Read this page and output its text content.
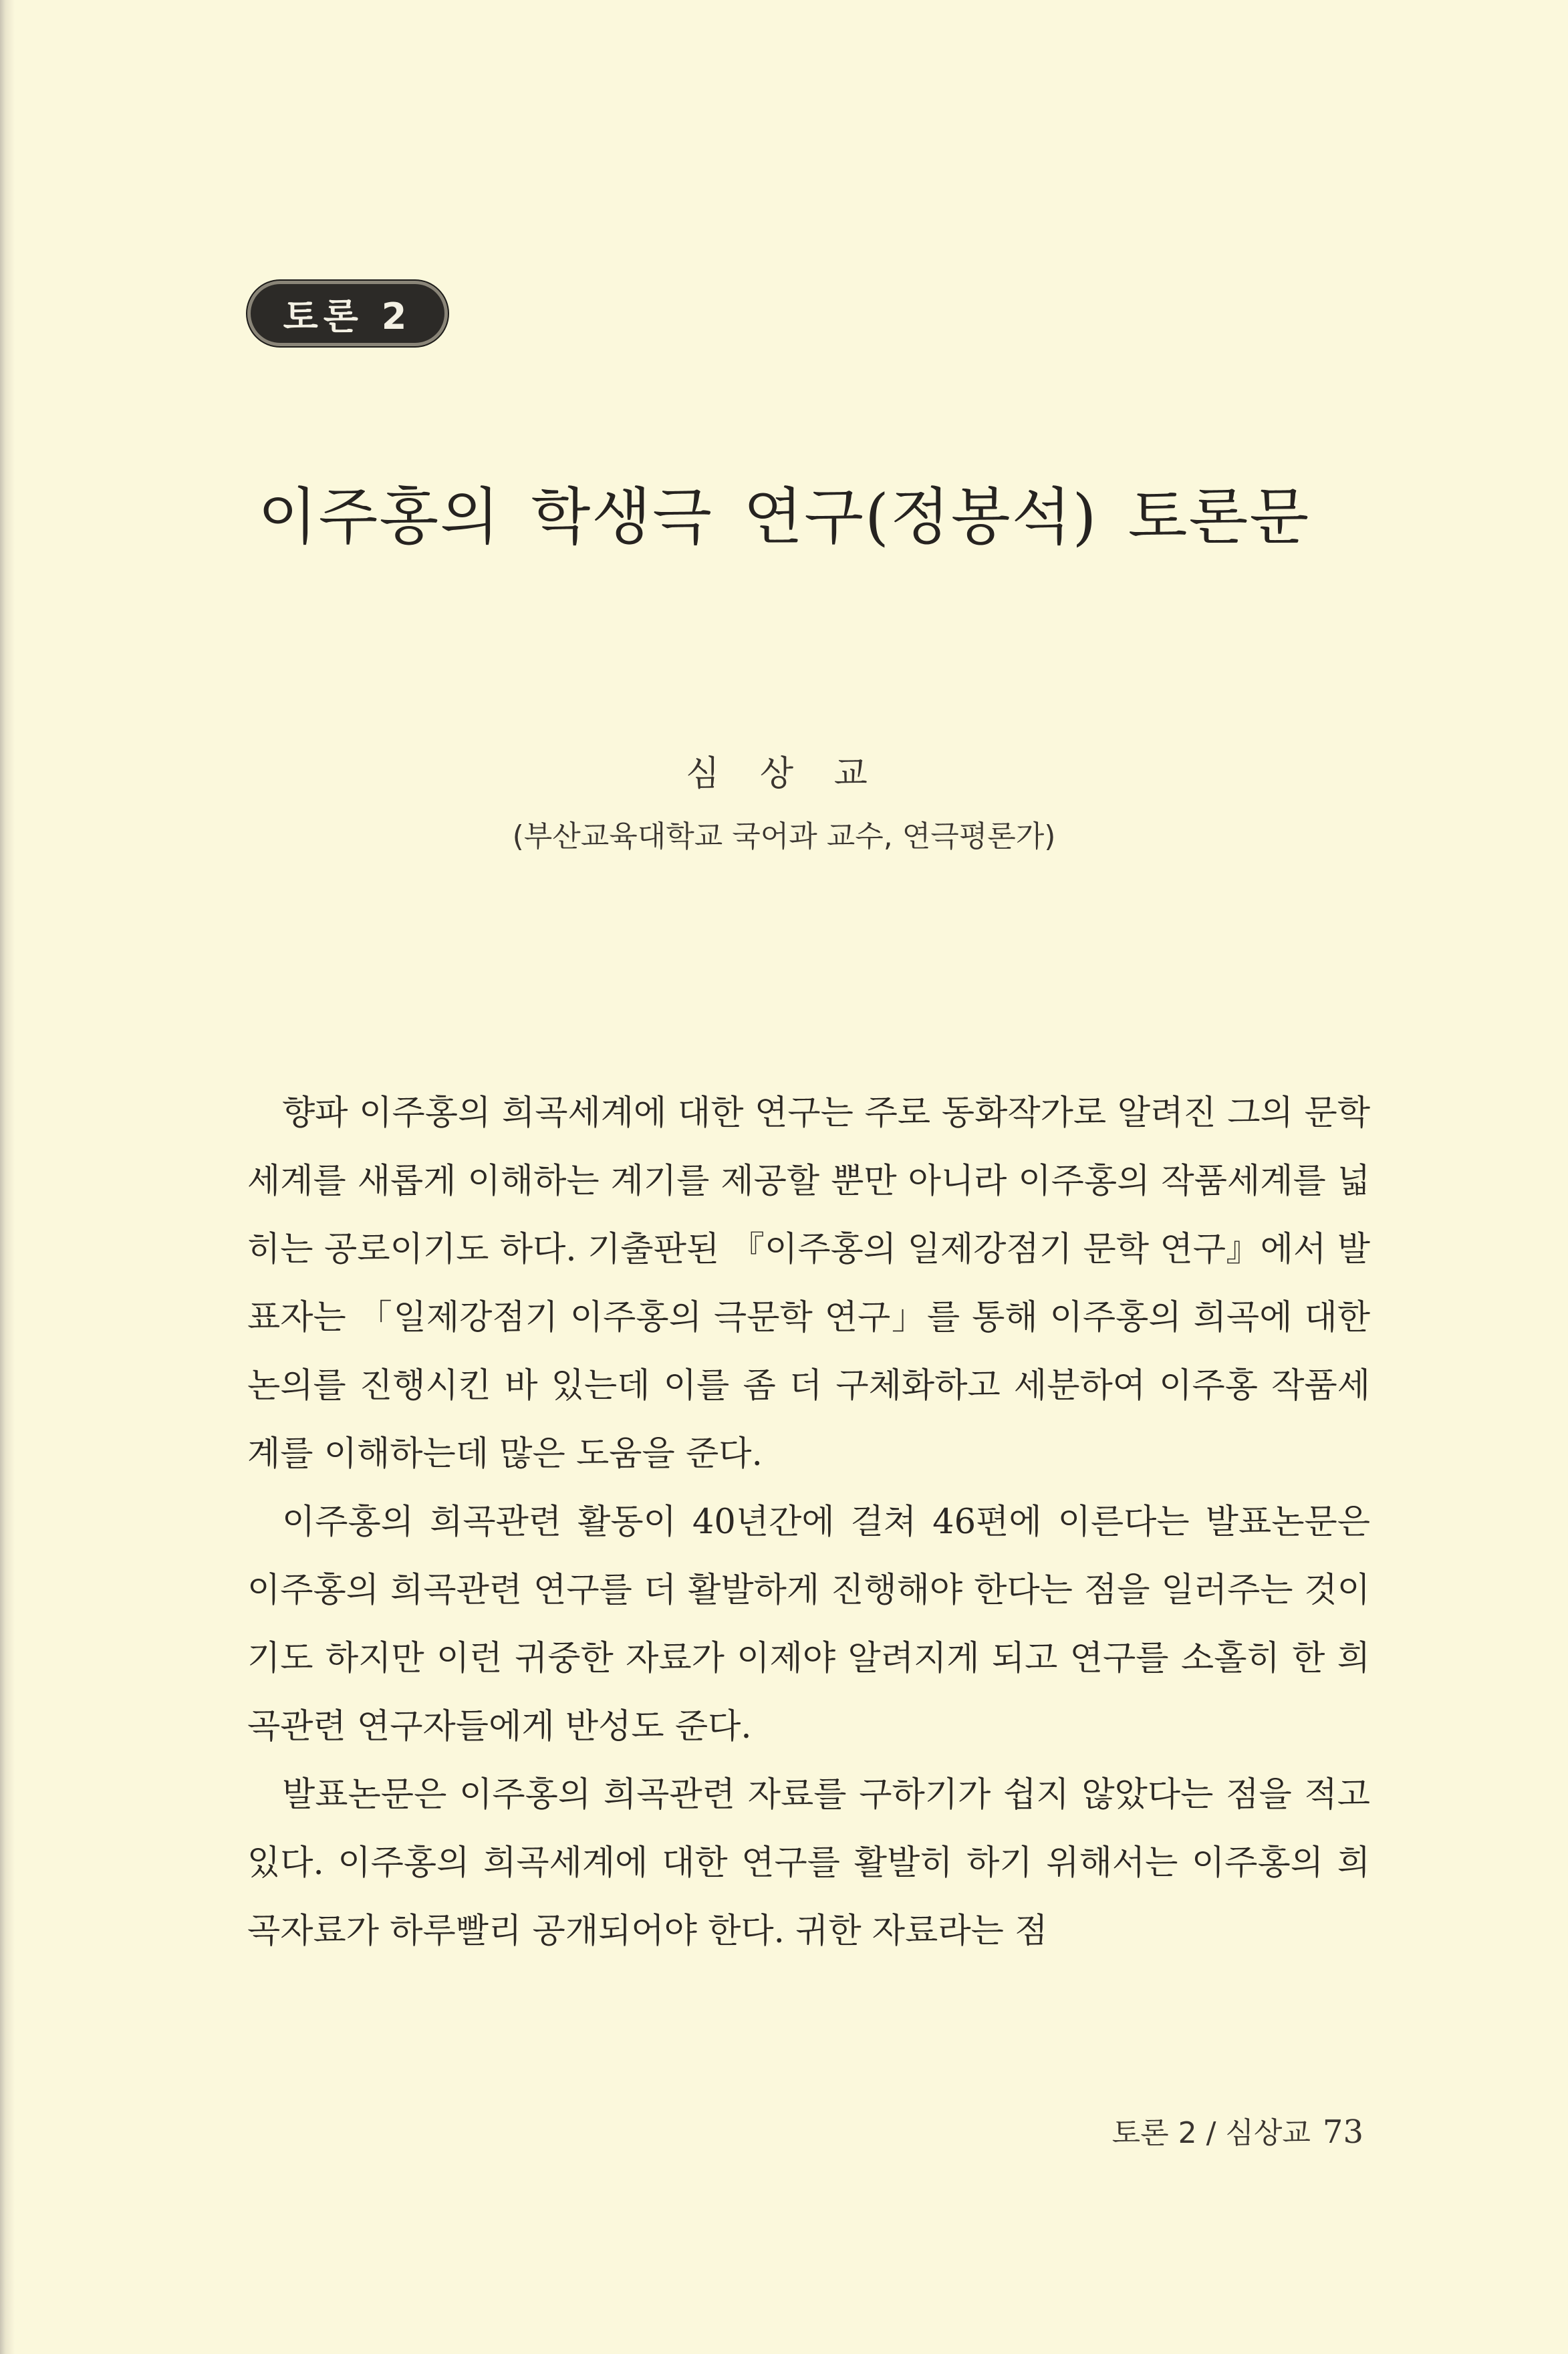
토론 2
이주홍의 학생극 연구(정봉석) 토론문
심 상 교
(부산교육대학교 국어과 교수, 연극평론가)

향파 이주홍의 희곡세계에 대한 연구는 주로 동화작가로 알려진 그의 문학세계를 새롭게 이해하는 계기를 제공할 뿐만 아니라 이주홍의 작품세계를 넓히는 공로이기도 하다. 기출판된 『이주홍의 일제강점기 문학 연구』에서 발표자는 「일제강점기 이주홍의 극문학 연구」를 통해 이주홍의 희곡에 대한 논의를 진행시킨 바 있는데 이를 좀 더 구체화하고 세분하여 이주홍 작품세계를 이해하는데 많은 도움을 준다.

이주홍의 희곡관련 활동이 40년간에 걸쳐 46편에 이른다는 발표논문은 이주홍의 희곡관련 연구를 더 활발하게 진행해야 한다는 점을 일러주는 것이기도 하지만 이런 귀중한 자료가 이제야 알려지게 되고 연구를 소홀히 한 희곡관련 연구자들에게 반성도 준다.

발표논문은 이주홍의 희곡관련 자료를 구하기가 쉽지 않았다는 점을 적고 있다. 이주홍의 희곡세계에 대한 연구를 활발히 하기 위해서는 이주홍의 희곡자료가 하루빨리 공개되어야 한다. 귀한 자료라는 점

토론 2 / 심상교 73
